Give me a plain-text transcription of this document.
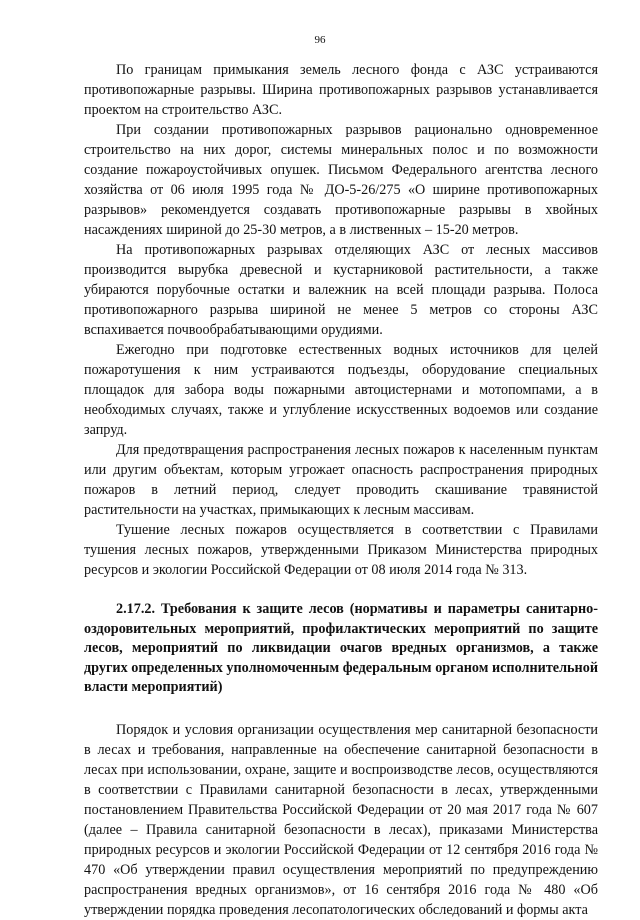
96

По границам примыкания земель лесного фонда с АЗС устраиваются противопожарные разрывы. Ширина противопожарных разрывов устанавливается проектом на строительство АЗС.

При создании противопожарных разрывов рационально одновременное строительство на них дорог, системы минеральных полос и по возможности создание пожароустойчивых опушек. Письмом Федерального агентства лесного хозяйства от 06 июля 1995 года № ДО-5-26/275 «О ширине противопожарных разрывов» рекомендуется создавать противопожарные разрывы в хвойных насаждениях шириной до 25-30 метров, а в лиственных – 15-20 метров.

На противопожарных разрывах отделяющих АЗС от лесных массивов производится вырубка древесной и кустарниковой растительности, а также убираются порубочные остатки и валежник на всей площади разрыва. Полоса противопожарного разрыва шириной не менее 5 метров со стороны АЗС вспахивается почвообрабатывающими орудиями.

Ежегодно при подготовке естественных водных источников для целей пожаротушения к ним устраиваются подъезды, оборудование специальных площадок для забора воды пожарными автоцистернами и мотопомпами, а в необходимых случаях, также и углубление искусственных водоемов или создание запруд.

Для предотвращения распространения лесных пожаров к населенным пунктам или другим объектам, которым угрожает опасность распространения природных пожаров в летний период, следует проводить скашивание травянистой растительности на участках, примыкающих к лесным массивам.

Тушение лесных пожаров осуществляется в соответствии с Правилами тушения лесных пожаров, утвержденными Приказом Министерства природных ресурсов и экологии Российской Федерации от 08 июля 2014 года № 313.

2.17.2. Требования к защите лесов (нормативы и параметры санитарно-оздоровительных мероприятий, профилактических мероприятий по защите лесов, мероприятий по ликвидации очагов вредных организмов, а также других определенных уполномоченным федеральным органом исполнительной власти мероприятий)

Порядок и условия организации осуществления мер санитарной безопасности в лесах и требования, направленные на обеспечение санитарной безопасности в лесах при использовании, охране, защите и воспроизводстве лесов, осуществляются в соответствии с Правилами санитарной безопасности в лесах, утвержденными постановлением Правительства Российской Федерации от 20 мая 2017 года № 607 (далее – Правила санитарной безопасности в лесах), приказами Министерства природных ресурсов и экологии Российской Федерации от 12 сентября 2016 года № 470 «Об утверждении правил осуществления мероприятий по предупреждению распространения вредных организмов», от 16 сентября 2016 года № 480 «Об утверждении порядка проведения лесопатологических обследований и формы акта
